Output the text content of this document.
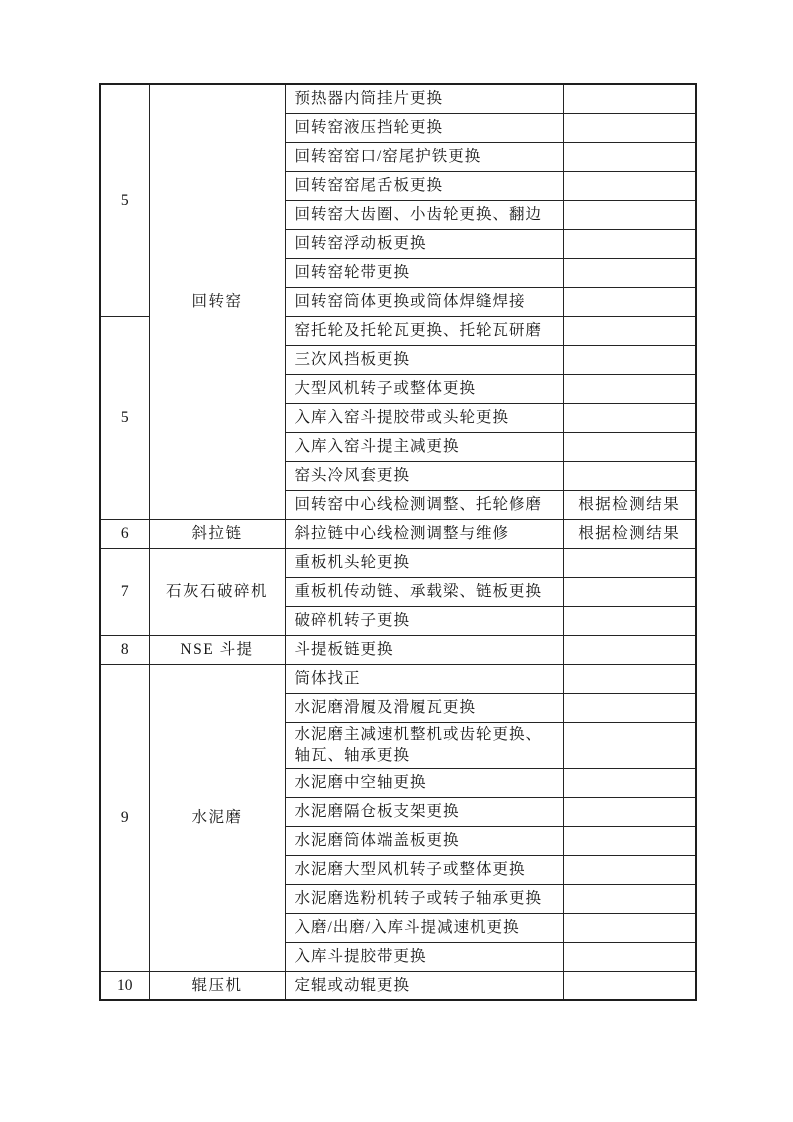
5	回转窑	预热器内筒挂片更换	
		回转窑液压挡轮更换	
		回转窑窑口/窑尾护铁更换	
		回转窑窑尾舌板更换	
		回转窑大齿圈、小齿轮更换、翻边	
		回转窑浮动板更换	
		回转窑轮带更换	
		回转窑筒体更换或筒体焊缝焊接	
5		窑托轮及托轮瓦更换、托轮瓦研磨	
		三次风挡板更换	
		大型风机转子或整体更换	
		入库入窑斗提胶带或头轮更换	
		入库入窑斗提主减更换	
		窑头冷风套更换	
		回转窑中心线检测调整、托轮修磨	根据检测结果
6	斜拉链	斜拉链中心线检测调整与维修	根据检测结果
7	石灰石破碎机	重板机头轮更换	
		重板机传动链、承载梁、链板更换	
		破碎机转子更换	
8	NSE 斗提	斗提板链更换	
9	水泥磨	筒体找正	
		水泥磨滑履及滑履瓦更换	
		水泥磨主减速机整机或齿轮更换、轴瓦、轴承更换	
		水泥磨中空轴更换	
		水泥磨隔仓板支架更换	
		水泥磨筒体端盖板更换	
		水泥磨大型风机转子或整体更换	
		水泥磨选粉机转子或转子轴承更换	
		入磨/出磨/入库斗提减速机更换	
		入库斗提胶带更换	
10	辊压机	定辊或动辊更换	
